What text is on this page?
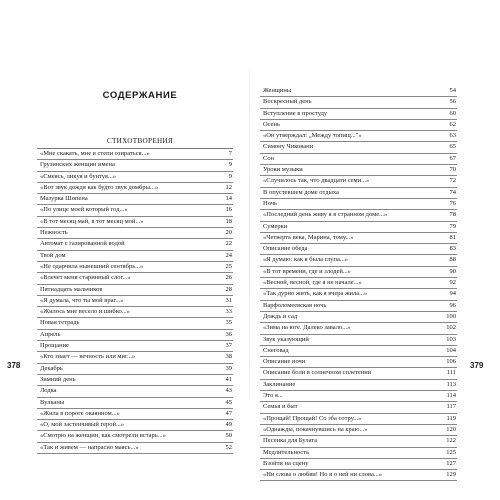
СОДЕРЖАНИЕ
СТИХОТВОРЕНИЯ
«Мне скакать, мне в степи озираться...»	7
Грузинских женщин имена	9
«Смеясь, ликуя и бунтуя...»	9
«Вот звук дождя как будто звук домбры...»	12
Мазурка Шопена	14
«По улице моей который год...»	16
«В тот месяц май, в тот месяц мой...»	18
Нежность	20
Автомат с газированной водой	22
Твой дом	24
«Не одарчила нынешний сентябрь...»	25
«Влечет меня старинный слог...»	26
Пятнадцать мальчиков	28
«Я думала, что ты мой враг...»	31
«Жилось мне весело и шибко...»	33
Новая тетрадь	35
Апрель	36
Прощание	37
«Кто знает — вечность или миг...»	38
Декабрь	39
Зимний день	41
Лодка	43
Вулканы	45
«Жила в пороге окаянном...»	47
«О, мой застенчивый герой...»	49
«Смотрю на женщин, как смотрели встарь...»	50
«Так и живем — напрасно маясь...»	52
378
Женщины	54
Воскресный день	56
Вступление в простуду	60
Осень	62
«Он утверждал: „Между топищ..."»	63
Симону Чиковани	65
Сон	67
Уроки музыки	70
«Случилось так, что двадцати семи...»	72
В опустевшем доме отдыха	74
Ночь	76
«Последний день живу я в странном доме...»	78
Сумерки	79
«Четверть века, Марина, тому...»	81
Описание обеда	83
«Я думаю: как я была глупа...»	88
«В тот времени, где и злодей...»	90
«Весной, весной, где я не начале...»	92
«Так дурно жить, как я вчера жила...»	94
Варфоломеевская ночь	96
Дождь и сад	100
«Зима на юге. Далеко завало...»	102
Звук указующий	103
Снеговад	104
Описание ночи	106
Описание боли в солнечном сплетении	111
Заклинание	113
Это я...	114
Семья и быт	117
«Прощай! Прощай! Со зба сотру...»	119
«Однажды, покачнувшись на краю...»	120
Песенка для Булата	122
Медлительность	125
Взойти на сцену	127
«Ни слова о любви! Но я о ней ни слова...»	129
379
